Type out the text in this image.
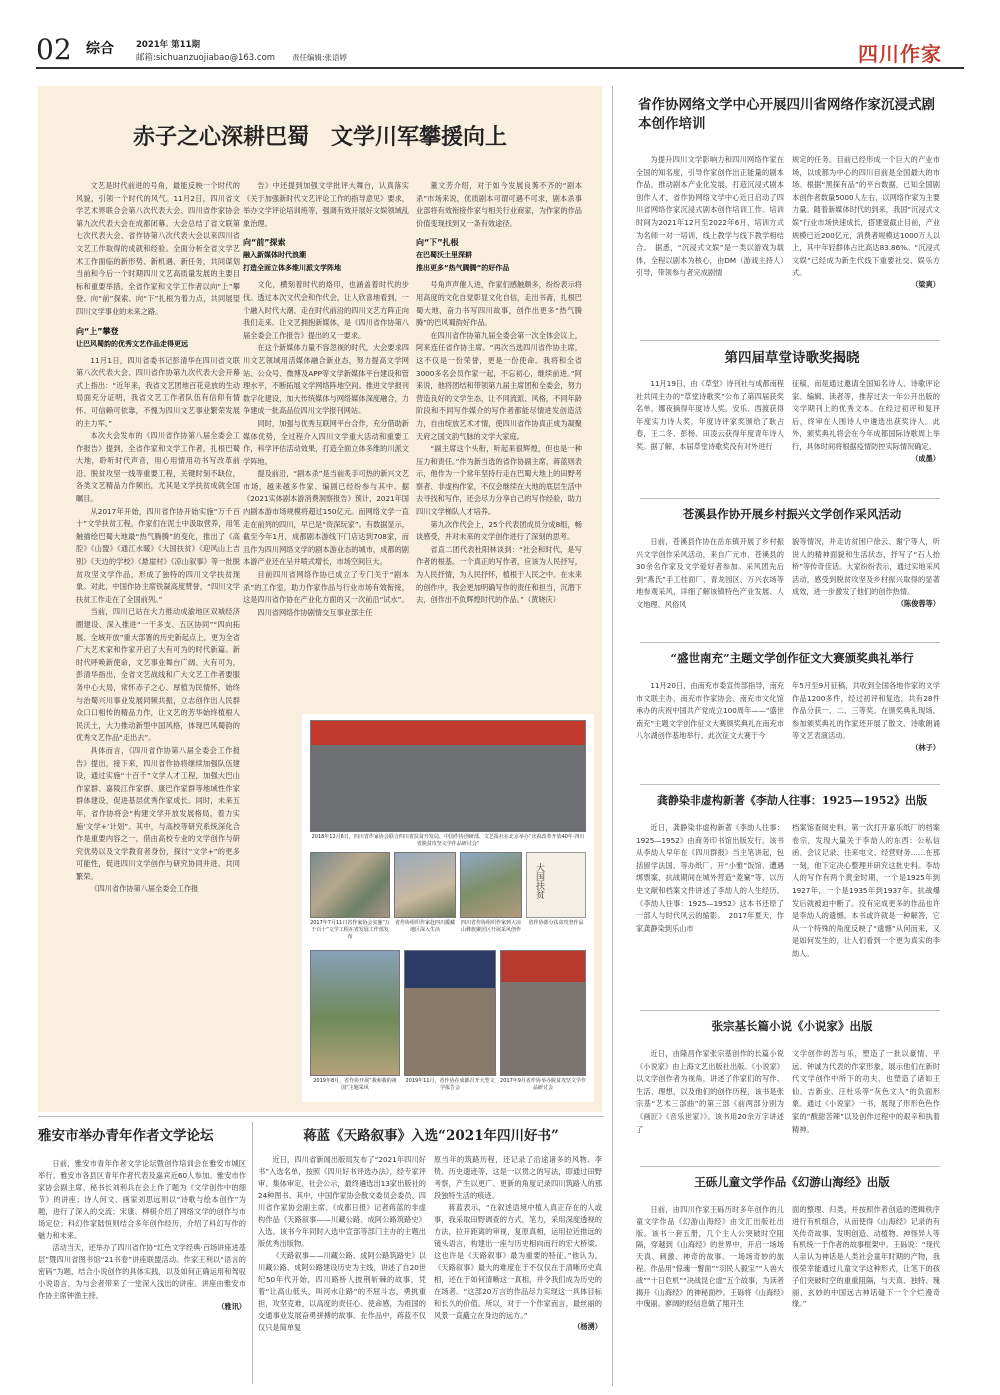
02 综合	2021年 第11期
邮箱:sichuanzuojiabao@163.com 责任编辑:张语婷	四川作家
赤子之心深耕巴蜀　文学川军攀援向上

文艺是时代前进的号角，最能反映一个时代的风貌，引领一个时代的风气。11月2日，四川省文学艺术界联合会第八次代表大会、四川省作家协会第九次代表大会在成都闭幕。大会总结了省文联第七次代表大会、省作协第八次代表大会以来四川省文艺工作取得的成就和经验。全面分析全省文学艺术工作面临的新形势、新机遇、新任务，共同谋划当前和今后一个时期四川文艺高质量发展的主要目标和重要举措。全省作家和文学工作者以向“上”攀登、向“前”探索、向“下”扎根为着力点，共同展望四川文学事业的未来之路。

向“上”攀登
让巴风蜀韵的优秀文艺作品走得更远

11月1日，四川省委书记彭清华在四川省文联第八次代表大会、四川省作协第九次代表大会开幕式上指出：“近年来，我省文艺团地百花竞放的生动局面充分证明，我省文艺工作者队伍有信仰有情怀、可信赖可依靠，不愧为四川文艺事业繁荣发展的主力军。”

本次大会发布的《四川省作协第八届全委会工作报告》提到，全省作家和文学工作者，扎根巴蜀大地，聆听时代声音，用心用情用功书写改革前沿、脱贫攻坚一线等重要工程，关键时刻不缺位，各类文艺精品力作频出，尤其是文学扶贫成就全国瞩目。

从2017年开始，四川省作协开始实施“万千百十”文学扶贫工程，作家们在泥土中汲取营养，用笔触描绘巴蜀大地最“热气腾腾”的变化，推出了《高腔》《山盟》《通江水暖》《大国扶贫》《迎风山上吉别》《天边的学校》《悬崖村》《凉山叙事》等一批脱贫攻坚文学作品，形成了独特的四川文学扶贫现象。对此，中国作协主席铁凝高度赞誉，“四川文学扶贫工作走在了全国前列。”

当前，四川已站在大力推动成渝地区双城经济圈建设、深入推进“一干多支、五区协同”“四向拓展、全域开放”重大部署的历史新起点上，更为全省广大艺术家和作家开启了大有可为的时代新篇。新时代呼唤新使命，文艺事业舞台广阔、大有可为，彭清华指出，全省文艺战线和广大文艺工作者要服务中心大局，常怀赤子之心、厚植为民情怀，始终与治蜀兴川事业发展同频共振，立志创作出人民群众口口相传的精品力作，让文艺的芳华始终植根人民沃土，大力推动新型中国风格，体现巴风蜀韵的优秀文艺作品“走出去”。

具体而言，《四川省作协第八届全委会工作报告》提出，接下来，四川省作协将继续加强队伍建设，通过实施“十百千”文学人才工程，加强大巴山作家群、嘉陵江作家群、康巴作家群等地域性作家群体建设，促进基层优秀作家成长。同时，未来五年，省作协将会“构建文学开放发展格局，着力实施‘文学+’计划”。其中，与高校等研究系统深化合作是重要内容之一，借由高校专业的文学创作与研究优势以及文学教育者身份，探讨“文学+”的更多可能性，促进四川文学创作与研究协同并进、共同繁荣。

《四川省作协第八届全委会工作报

告》中还提到加强文学批评大舞台，认真落实《关于加强新时代文艺评论工作的指导意见》要求，举办文学评论培训班等，强调有效开展好文娱领域乱象治理。

向“前”探索
融入新媒体时代浪潮
打造全面立体多维川派文学阵地

文化，横刻着时代的烙印，也涵盖着时代的步伐。透过本次文代会和作代会，让人欣喜地看到，一个融入时代大潮、走在时代前沿的四川文艺方阵正向我们走来。让文艺拥抱新媒体，是《四川省作协第八届全委会工作报告》提出的又一要求。

在这个新媒体力量不容忽视的时代，大会要求四川文艺领域用活媒体融合新业态，努力提高文学网站、公众号、微博及APP等文学新媒体平台建设和管理水平，不断拓展文学网络阵地空间。推进文学报刊数字化建设，加大传统媒体与网络媒体深度融合，力争建成一批高品位四川文学报刊网站。

同时，加强与优秀互联网平台合作，充分借助新媒体优势，全过程介入四川文学重大活动和重要工作，科学评估活动效果，打造全面立体多维的川派文学阵地。

提及前沿，“剧本杀”是当前炙手可热的新兴文艺市场，越来越多作家、编剧已经纷参与其中。据《2021实体剧本游消费洞察报告》预计，2021年国内剧本游市场规模将超过150亿元。而网络文学一直走在前列的四川，早已是“资深玩家”。有数据显示，截至今年1月，成都剧本游线下门店达到708家，而且作为四川网络文学的剧本游业态的城市，成都的剧本游产业还在呈井喷式增长，市场空间巨大。

目前四川省网络作协已成立了专门关于“剧本杀”的工作室，助力作家作品与行业市场有效衔接，这是四川省作协在产业化方面的又一次前沿“试水”。

四川省网络作协剧情交互事业部主任

董文芳介绍，对于如今发展良莠不齐的“剧本杀”市场来说，优质剧本可谓可遇不可求，剧本杀事业部将有效衔接作家与相关行业商家，为作家的作品价值变现找到又一条有效途径。

向“下”扎根
在巴蜀沃土里深耕
推出更多“热气腾腾”的好作品

号角声声催人进，作家们感触颇多，纷纷表示将用高度的文化自觉彰显文化自信，走出书斋，扎根巴蜀大地，奋力书写四川故事，创作出更多“热气腾腾”的巴风蜀韵好作品。

在四川省作协第九届全委会第一次全体会议上，阿来连任省作协主席。“再次当选四川省作协主席，这不仅是一份荣誉，更是一份使命。我将和全省3000多名会员作家一起，不忘初心，继续前进。”阿来说，他将团结和带领第九届主席团和全委会，努力营造良好的文学生态，让不同流派、风格，不同年龄阶段和不同写作媒介的写作者都能尽情进发创造活力，自由绽放艺术才情，使四川省作协真正成为凝聚天府之国文韵气脉的文学大家庭。

“副主席这个头衔，听起来很辉煌，但也是一种压力和责任。”作为新当选的省作协副主席，蒋蓝则表示，他作为一个常年坚持行走在巴蜀大地上的田野考察者、非虚构作家，不仅会继续在大地的底层生活中去寻找和写作，还会尽力分享自己的写作经验，助力四川文学梯队人才培养。

第九次作代会上，25个代表团成员分成8组，畅谈感受，并对未来的文学创作进行了深刻的思考。

省直二团代表杜阳林谈到：“社会和时代，是写作者的根基。一个真正的写作者，应该为人民抒写，为人民抒情，为人民抒怀，植根于人民之中。在未来的创作中，我会更加明确写作的责任和担当，沉潜下去，创作出不负辉煌时代的作品。”（黄晓庆）

2018年12月6日，四川省作家协会联合四川省扶贫开发局、中国作协创研部、文艺报社在北京举办“庆祝改革开放40年·四川省脱贫攻坚文学作品研讨会”
大国扶贫
2017年7月11日省作家协会实施“万千百十”文学工程在省发展工作部发布
省作协组织作家赴四川援藏地区深入生活
四川省作协组织作家到大凉山彝族聚居区开展采风创作
省作协部分扶贫攻坚作品
2019年8月，省作协开展“我和我的祖国”主题采风
2019年11月，省作协在成都召开大型文学报告会
2017年9月省作协举办脱贫攻坚文学作品研讨会
省作协网络文学中心开展四川省网络作家沉浸式剧本创作培训

为提升四川文学影响力和四川网络作家在全国的知名度，引导作家创作出正能量的剧本作品，推动剧本产业化发展，打造沉浸式剧本创作人才，省作协网络文学中心近日启动了四川省网络作家沉浸式剧本创作培训工作。培训时间为2021年12月至2022年6月，培训方式为名师一对一培训，线上教学与线下教学相结合。　据悉，“沉浸式文娱”是一类以游戏为载体，全程以剧本为核心，由DM（游戏主持人）引导，带领参与者完成剧情

规定的任务。目前已经形成一个巨大的产业市场，以成都为中心的四川目前是全国最大的市场。根据“黑探有品”的平台数据，已知全国剧本创作者数量5000人左右，以网络作家为主要力量。随着新媒体时代的到来，我国“沉浸式文娱”行业市场快速成长，搭建壹截止目前，产业规模已近200亿元，消费者规模达1000万人以上，其中年轻群体占比高达83.86%。“沉浸式文娱”已经成为新生代线下重要社交、娱乐方式。

（梁爽）
第四届草堂诗歌奖揭晓

11月19日，由《草堂》诗刊社与成都南程社共同主办的“草堂诗歌奖”公布了第四届获奖名单，娜夜摘得年度诗人奖，安乐、西渡获得年度实力诗人奖，年度诗评家奖颁给了耿占春，王二冬、彭杨、田凌云获得年度青年诗人奖。据了解，本届草堂诗歌奖没有对外进行

征稿，而是通过邀请全国知名诗人、诗歌评论家、编辑、读者等，推荐过去一年公开出版的文学期刊上的优秀文本。在经过初评和复评后，终审在人围诗人中遴选出获奖诗人。此外，颁奖典礼将会在今年成都国际诗歌周上举行，具体时间将根据疫情防控实际情况确定。

（成墨）
苍溪县作协开展乡村振兴文学创作采风活动

日前，苍溪县作协在岳东镇开展了乡村振兴文学创作采风活动，来自广元市、苍溪县的30余名作家及文学爱好者参加。采风团先后到“燕氏”手工挂面厂、青龙园区、万兴农场等地参观采风，详细了解该镇特色产业发展、人文地理、风俗风

貌等情况，并走访贫困户徐云、谢宁等人，听说人的精神面貌和生活状态，抒写了“石人抬桥”等传奇佳话。大家纷纷表示，通过实地采风活动，感受到脱贫攻坚及乡村振兴取得的显著成效，进一步激发了他们的创作热情。

（陈俊蓉等）
“盛世南充”主题文学创作征文大赛颁奖典礼举行

11月20日，由南充市委宣传部指导，南充市文联主办，南充市作家协会、南充市文化馆承办的庆祝中国共产党成立100周年——“盛世南充”主题文学创作征文大赛颁奖典礼在南充市八尔湖创作基地举行。此次征文大赛于今

年5月至9月征稿，共收到全国各地作家的文学作品1200多件，经过初评和复选，共有28件作品分获一、二、三等奖。在颁奖典礼现场，参加颁奖典礼的作家还开展了散文、诗歌朗诵等文艺表演活动。

（林子）
龚静染非虚构新著《李劼人往事：1925—1952》出版

近日，龚静染非虚构新著《李劼人往事：1925—1952》由商务印书馆出版发行。该书从李劼人早年在《四川群报》当主笔讲起，包括留学法国、等办纸厂、开“小雅”饭馆、遭遇绑票案，抗战期间在城外营造“菱窠”等，以历史文献和档案文件讲述了李劼人的人生经历。《李劼人往事：1925—1952》这本书还原了一部人与时代风云的缩影。　2017年夏天，作家龚静染到乐山市

档案馆查阅史料，第一次打开嘉乐纸厂的档案卷宗，发现大量关于李劼人的东西：公私信函、会议记录、往来电文、经营财务……在那一刻，他下定决心整理并研究这批史料。李劼人的写作有两个黄金时期，一个是1925年到1927年，一个是1935年到1937年。抗战爆发后就被迫中断了。没有完成更多的作品也许是李劼人的遗憾。本书或许就是一种解答，它从一个特殊的角度反映了“遗憾”从何而来，又是如何发生的，让人们看到一个更为真实的李劼人。

张宗基长篇小说《小说家》出版

近日，由隆昌作家张宗基创作的长篇小说《小说家》由上海文艺出版社出版。《小说家》以文学创作者为视角，讲述了作家们的写作、生活、理想，以及他们的创作历程，该书是张宗基“艺术三部曲”的第三部《前两部分别为《画匠》《音乐世家》》。该书用20余万字讲述了

文学创作的苦与乐，塑造了一批以豪情、平远、钟诚为代表的作家形象，展示他们在新时代文学创作中所下的功夫，也塑造了诸如王仙、吉新业、汪杜乐等“灰色文人”的负面形象。通过《小说家》一书，展现了形形色色作家的“酸甜苦辣”以及创作过程中的艰辛和执着精神。

王砾儿童文学作品《幻游山海经》出版

日前，由四川作家王砾历时多年创作的儿童文学作品《幻游山海经》由文汇出版社出版。该书一套五册，几个主人公突破时空阻隔，穿越到《山海经》的世界中，开启一场场天真、刺激、神奇的故事。一场场奇妙的旅程。作品用“惊魂一瞥面”“羽民人毅宝”“人兽大战”“十日危机”“决战昆仑虚”五个故事，为读者揭开《山海经》的神秘面纱。王砾将《山海经》中瑰丽、寥阔的经信息做了翔开生

面的整理、归类，并按照作者创造的逻辑秩序进行有机组合，从而使得《山海经》记录的有关传奇故事、发明创造、动植物、神怪异人等有机统一于作者的故事框架中。王砾说：“现代人亲认为神话是人类社会童年时期的产物，我很荣幸能通过儿童文学这种形式，让笔下的孩子们突破时空的重重阻隔，与天真、独特、瑰丽、玄妙的中国远古神话碰下一个个烂漫奇缘。”

雅安市举办青年作者文学论坛

日前，雅安市青年作者文学论坛暨创作培训会在雅安市城区举行。雅安市各县区青年作者代表及嘉宾近60人参加。雅安市作家协会副主席、秘书长刘利兵在会上作了题为《文学创作中的细节》的讲座；诗人何文、画家刘思远则以“诗歌与绘本创作”为题，进行了深入的交流；宋康、柳棋介绍了网络文学的创作与市场定位；科幻作家陆恒则结合多年创作经历，介绍了科幻写作的魅力和未来。

活动当天，还举办了四川省作协“红色文学经典·百场讲座进基层”暨四川省图书馆“21书卷”讲座联盟活动。作家王利以“语言的密码”为题，结合小说创作的具体实践，以及如何正确运用和驾驭小说语言，为与会者带来了一堂深入浅出的讲座。讲座由雅安市作协主席钟渔主持。

（雅讯）
蒋蓝《天路叙事》入选“2021年四川好书”

近日，四川省新闻出版局发布了“2021年四川好书”入选名单，按照《四川好书评选办法》，经专家评审、集体审定、社会公示，最终遴选出13家出版社的24种图书。其中，中国作家协会散文委员会委员、四川省作家协会副主席、《成都日报》记者蒋蓝的非虚构作品《天路叙事——川藏公路、成阿公路筑路史》入选。该书今年同时入选中宣部等部门主办的主题出版优秀出版物。

《天路叙事——川藏公路、成阿公路筑路史》以川藏公路、成阿公路建设历史为主线，讲述了自20世纪50年代开始，四川路桥人披荆斩棘的故事，凭着“让高山低头，叫河水让路”的不屈斗志，勇挑重担，攻坚克难，以高度的责任心、使命感，为祖国的交通事业发展奋勇拼搏的故事。在作品中，蒋蓝不仅仅只是简单复

原当年的筑路历程，还记录了沿途诸多的风物、李贽、历史遗迹等，这是一以贯之的写法，即通过田野考察，产生以更广、更新的角度记录四川筑路人的那段独特生活的痕迹。

蒋蓝表示，“在叙述语境中植入真正存在的人或事，我采取田野调查的方式，笔力，采用深度透视的方法，拉开距离的审视，复原真相，运用拉近推远的镜头语言，构建出一座与历史相向而行的宏大桥梁。这也许是《天路叙事》最为重要的特征。”他认为，《天路叙事》最大的难度在于不仅仅在于清晰历史真相，还在于如何清晰这一真相，并令我们成为历史的在场者。“这部20万言的作品尽力实现这一具体目标和长久的价值。所以，对于一个作家而言，最丝丽的风景一直矗立在身边的远方。”

（杨湧）
